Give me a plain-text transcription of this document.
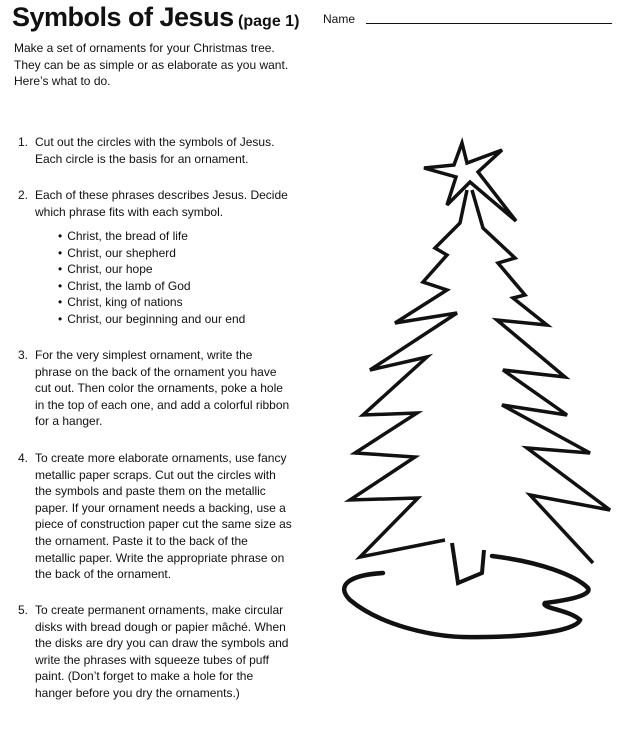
Symbols of Jesus (page 1) Name
Make a set of ornaments for your Christmas tree.
They can be as simple or as elaborate as you want.
Here’s what to do.
1. Cut out the circles with the symbols of Jesus.
Each circle is the basis for an ornament.
2. Each of these phrases describes Jesus. Decide
which phrase fits with each symbol.
• Christ, the bread of life
• Christ, our shepherd
• Christ, our hope
• Christ, the lamb of God
• Christ, king of nations
• Christ, our beginning and our end
3. For the very simplest ornament, write the
phrase on the back of the ornament you have
cut out. Then color the ornaments, poke a hole
in the top of each one, and add a colorful ribbon
for a hanger.
4. To create more elaborate ornaments, use fancy
metallic paper scraps. Cut out the circles with
the symbols and paste them on the metallic
paper. If your ornament needs a backing, use a
piece of construction paper cut the same size as
the ornament. Paste it to the back of the
metallic paper. Write the appropriate phrase on
the back of the ornament.
5. To create permanent ornaments, make circular
disks with bread dough or papier mâché. When
the disks are dry you can draw the symbols and
write the phrases with squeeze tubes of puff
paint. (Don’t forget to make a hole for the
hanger before you dry the ornaments.)
